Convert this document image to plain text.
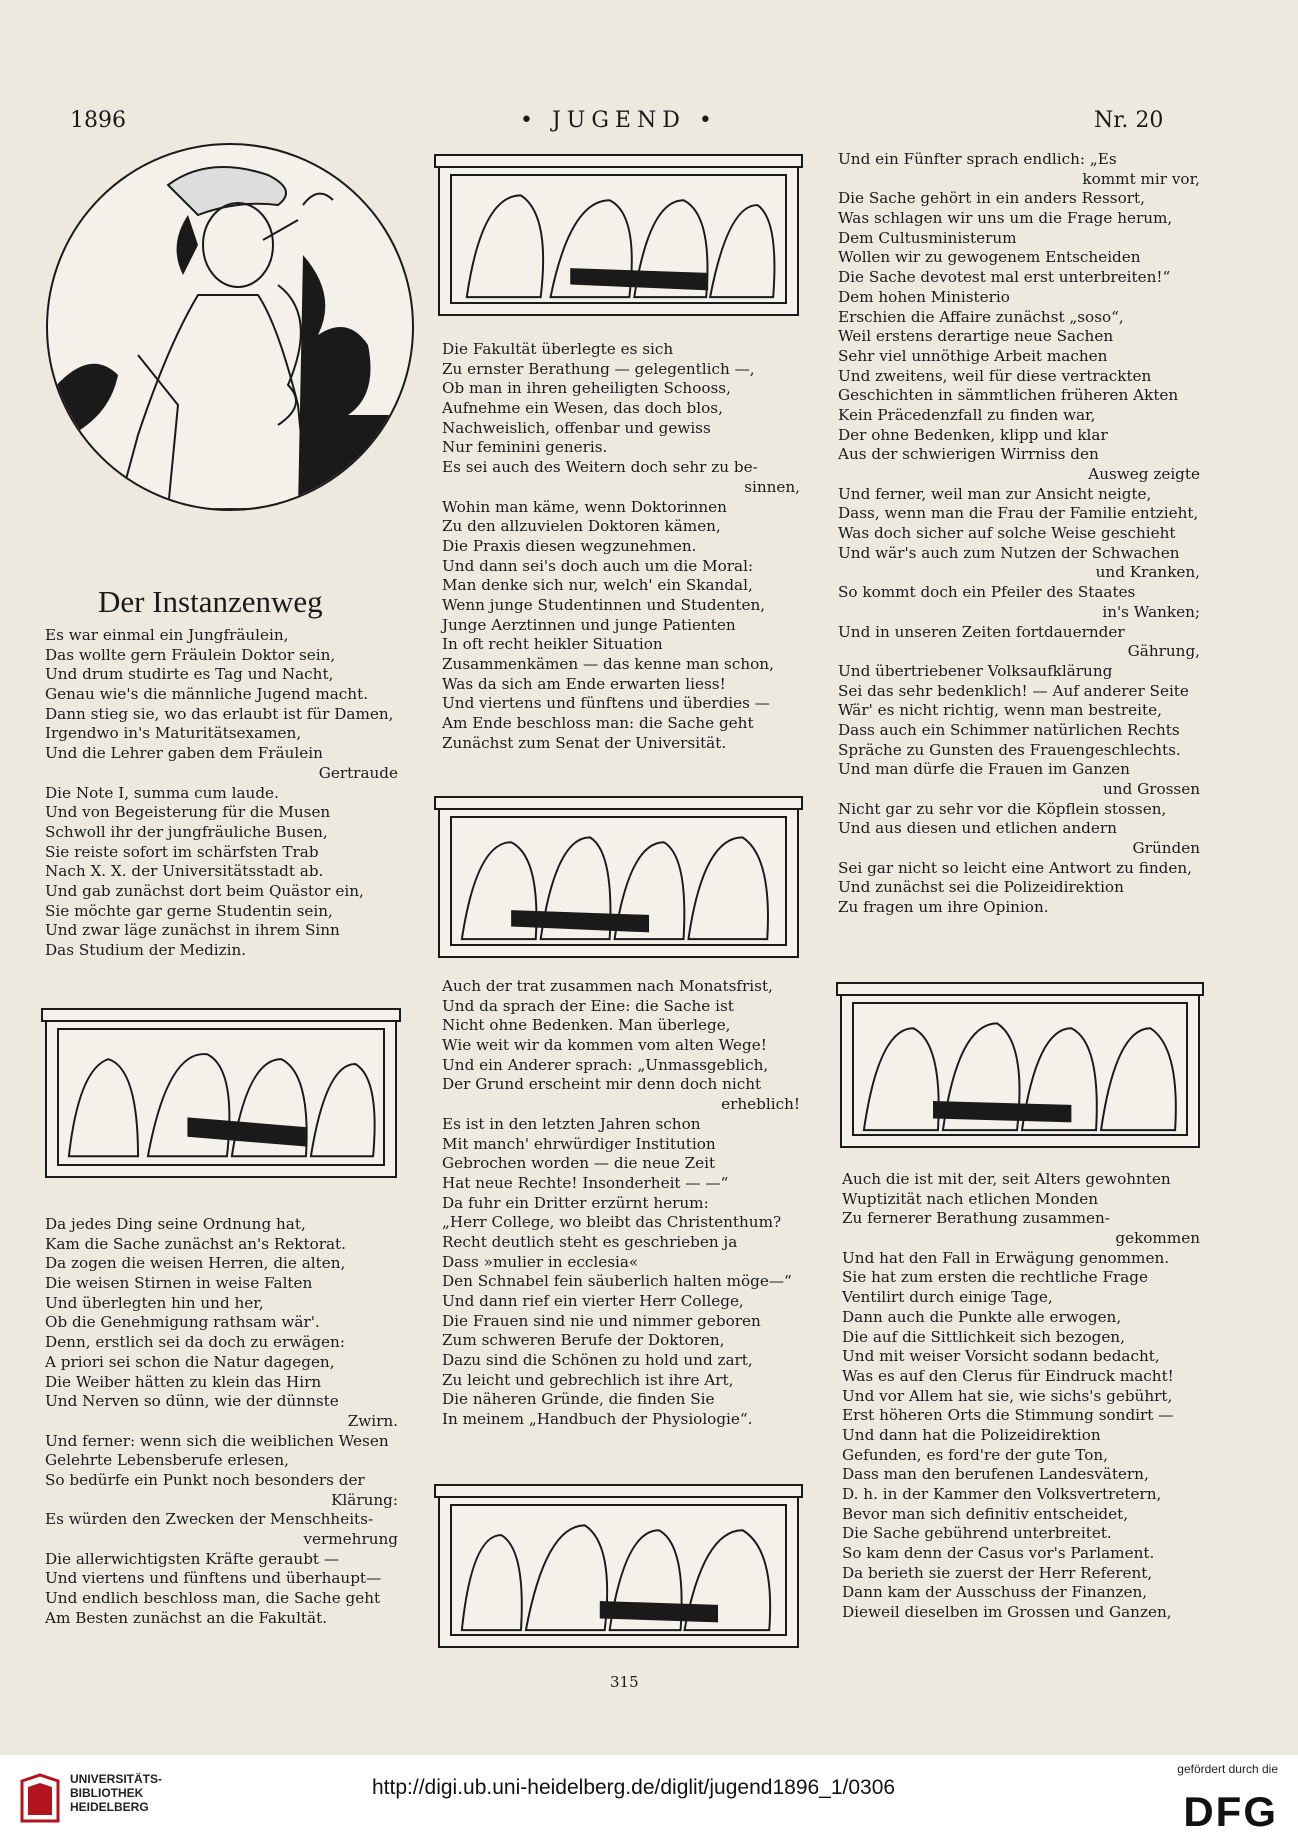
1896	• JUGEND •	Nr. 20
Der Instanzenweg
Es war einmal ein Jungfräulein,
Das wollte gern Fräulein Doktor sein,
Und drum studirte es Tag und Nacht,
Genau wie's die männliche Jugend macht.
Dann stieg sie, wo das erlaubt ist für Damen,
Irgendwo in's Maturitätsexamen,
Und die Lehrer gaben dem Fräulein
Gertraude
Die Note I, summa cum laude.
Und von Begeisterung für die Musen
Schwoll ihr der jungfräuliche Busen,
Sie reiste sofort im schärfsten Trab
Nach X. X. der Universitätsstadt ab.
Und gab zunächst dort beim Quästor ein,
Sie möchte gar gerne Studentin sein,
Und zwar läge zunächst in ihrem Sinn
Das Studium der Medizin.
Da jedes Ding seine Ordnung hat,
Kam die Sache zunächst an's Rektorat.
Da zogen die weisen Herren, die alten,
Die weisen Stirnen in weise Falten
Und überlegten hin und her,
Ob die Genehmigung rathsam wär'.
Denn, erstlich sei da doch zu erwägen:
A priori sei schon die Natur dagegen,
Die Weiber hätten zu klein das Hirn
Und Nerven so dünn, wie der dünnste
Zwirn.
Und ferner: wenn sich die weiblichen Wesen
Gelehrte Lebensberufe erlesen,
So bedürfe ein Punkt noch besonders der
Klärung:
Es würden den Zwecken der Menschheits-
vermehrung
Die allerwichtigsten Kräfte geraubt —
Und viertens und fünftens und überhaupt—
Und endlich beschloss man, die Sache geht
Am Besten zunächst an die Fakultät.
Die Fakultät überlegte es sich
Zu ernster Berathung — gelegentlich —,
Ob man in ihren geheiligten Schooss,
Aufnehme ein Wesen, das doch blos,
Nachweislich, offenbar und gewiss
Nur feminini generis.
Es sei auch des Weitern doch sehr zu be-
sinnen,
Wohin man käme, wenn Doktorinnen
Zu den allzuvielen Doktoren kämen,
Die Praxis diesen wegzunehmen.
Und dann sei's doch auch um die Moral:
Man denke sich nur, welch' ein Skandal,
Wenn junge Studentinnen und Studenten,
Junge Aerztinnen und junge Patienten
In oft recht heikler Situation
Zusammenkämen — das kenne man schon,
Was da sich am Ende erwarten liess!
Und viertens und fünftens und überdies —
Am Ende beschloss man: die Sache geht
Zunächst zum Senat der Universität.
Auch der trat zusammen nach Monatsfrist,
Und da sprach der Eine: die Sache ist
Nicht ohne Bedenken. Man überlege,
Wie weit wir da kommen vom alten Wege!
Und ein Anderer sprach: „Unmassgeblich,
Der Grund erscheint mir denn doch nicht
erheblich!
Es ist in den letzten Jahren schon
Mit manch' ehrwürdiger Institution
Gebrochen worden — die neue Zeit
Hat neue Rechte! Insonderheit — —“
Da fuhr ein Dritter erzürnt herum:
„Herr College, wo bleibt das Christenthum?
Recht deutlich steht es geschrieben ja
Dass »mulier in ecclesia«
Den Schnabel fein säuberlich halten möge—“
Und dann rief ein vierter Herr College,
Die Frauen sind nie und nimmer geboren
Zum schweren Berufe der Doktoren,
Dazu sind die Schönen zu hold und zart,
Zu leicht und gebrechlich ist ihre Art,
Die näheren Gründe, die finden Sie
In meinem „Handbuch der Physiologie“.
Und ein Fünfter sprach endlich: „Es
kommt mir vor,
Die Sache gehört in ein anders Ressort,
Was schlagen wir uns um die Frage herum,
Dem Cultusministerum
Wollen wir zu gewogenem Entscheiden
Die Sache devotest mal erst unterbreiten!“
Dem hohen Ministerio
Erschien die Affaire zunächst „soso“,
Weil erstens derartige neue Sachen
Sehr viel unnöthige Arbeit machen
Und zweitens, weil für diese vertrackten
Geschichten in sämmtlichen früheren Akten
Kein Präcedenzfall zu finden war,
Der ohne Bedenken, klipp und klar
Aus der schwierigen Wirrniss den
Ausweg zeigte
Und ferner, weil man zur Ansicht neigte,
Dass, wenn man die Frau der Familie entzieht,
Was doch sicher auf solche Weise geschieht
Und wär's auch zum Nutzen der Schwachen
und Kranken,
So kommt doch ein Pfeiler des Staates
in's Wanken;
Und in unseren Zeiten fortdauernder
Gährung,
Und übertriebener Volksaufklärung
Sei das sehr bedenklich! — Auf anderer Seite
Wär' es nicht richtig, wenn man bestreite,
Dass auch ein Schimmer natürlichen Rechts
Spräche zu Gunsten des Frauengeschlechts.
Und man dürfe die Frauen im Ganzen
und Grossen
Nicht gar zu sehr vor die Köpflein stossen,
Und aus diesen und etlichen andern
Gründen
Sei gar nicht so leicht eine Antwort zu finden,
Und zunächst sei die Polizeidirektion
Zu fragen um ihre Opinion.
Auch die ist mit der, seit Alters gewohnten
Wuptizität nach etlichen Monden
Zu fernerer Berathung zusammen-
gekommen
Und hat den Fall in Erwägung genommen.
Sie hat zum ersten die rechtliche Frage
Ventilirt durch einige Tage,
Dann auch die Punkte alle erwogen,
Die auf die Sittlichkeit sich bezogen,
Und mit weiser Vorsicht sodann bedacht,
Was es auf den Clerus für Eindruck macht!
Und vor Allem hat sie, wie sichs's gebührt,
Erst höheren Orts die Stimmung sondirt —
Und dann hat die Polizeidirektion
Gefunden, es ford're der gute Ton,
Dass man den berufenen Landesvätern,
D. h. in der Kammer den Volksvertretern,
Bevor man sich definitiv entscheidet,
Die Sache gebührend unterbreitet.
So kam denn der Casus vor's Parlament.
Da berieth sie zuerst der Herr Referent,
Dann kam der Ausschuss der Finanzen,
Dieweil dieselben im Grossen und Ganzen,
315
UNIVERSITÄTS-
BIBLIOTHEK
HEIDELBERG
http://digi.ub.uni-heidelberg.de/diglit/jugend1896_1/0306
gefördert durch die
DFG
